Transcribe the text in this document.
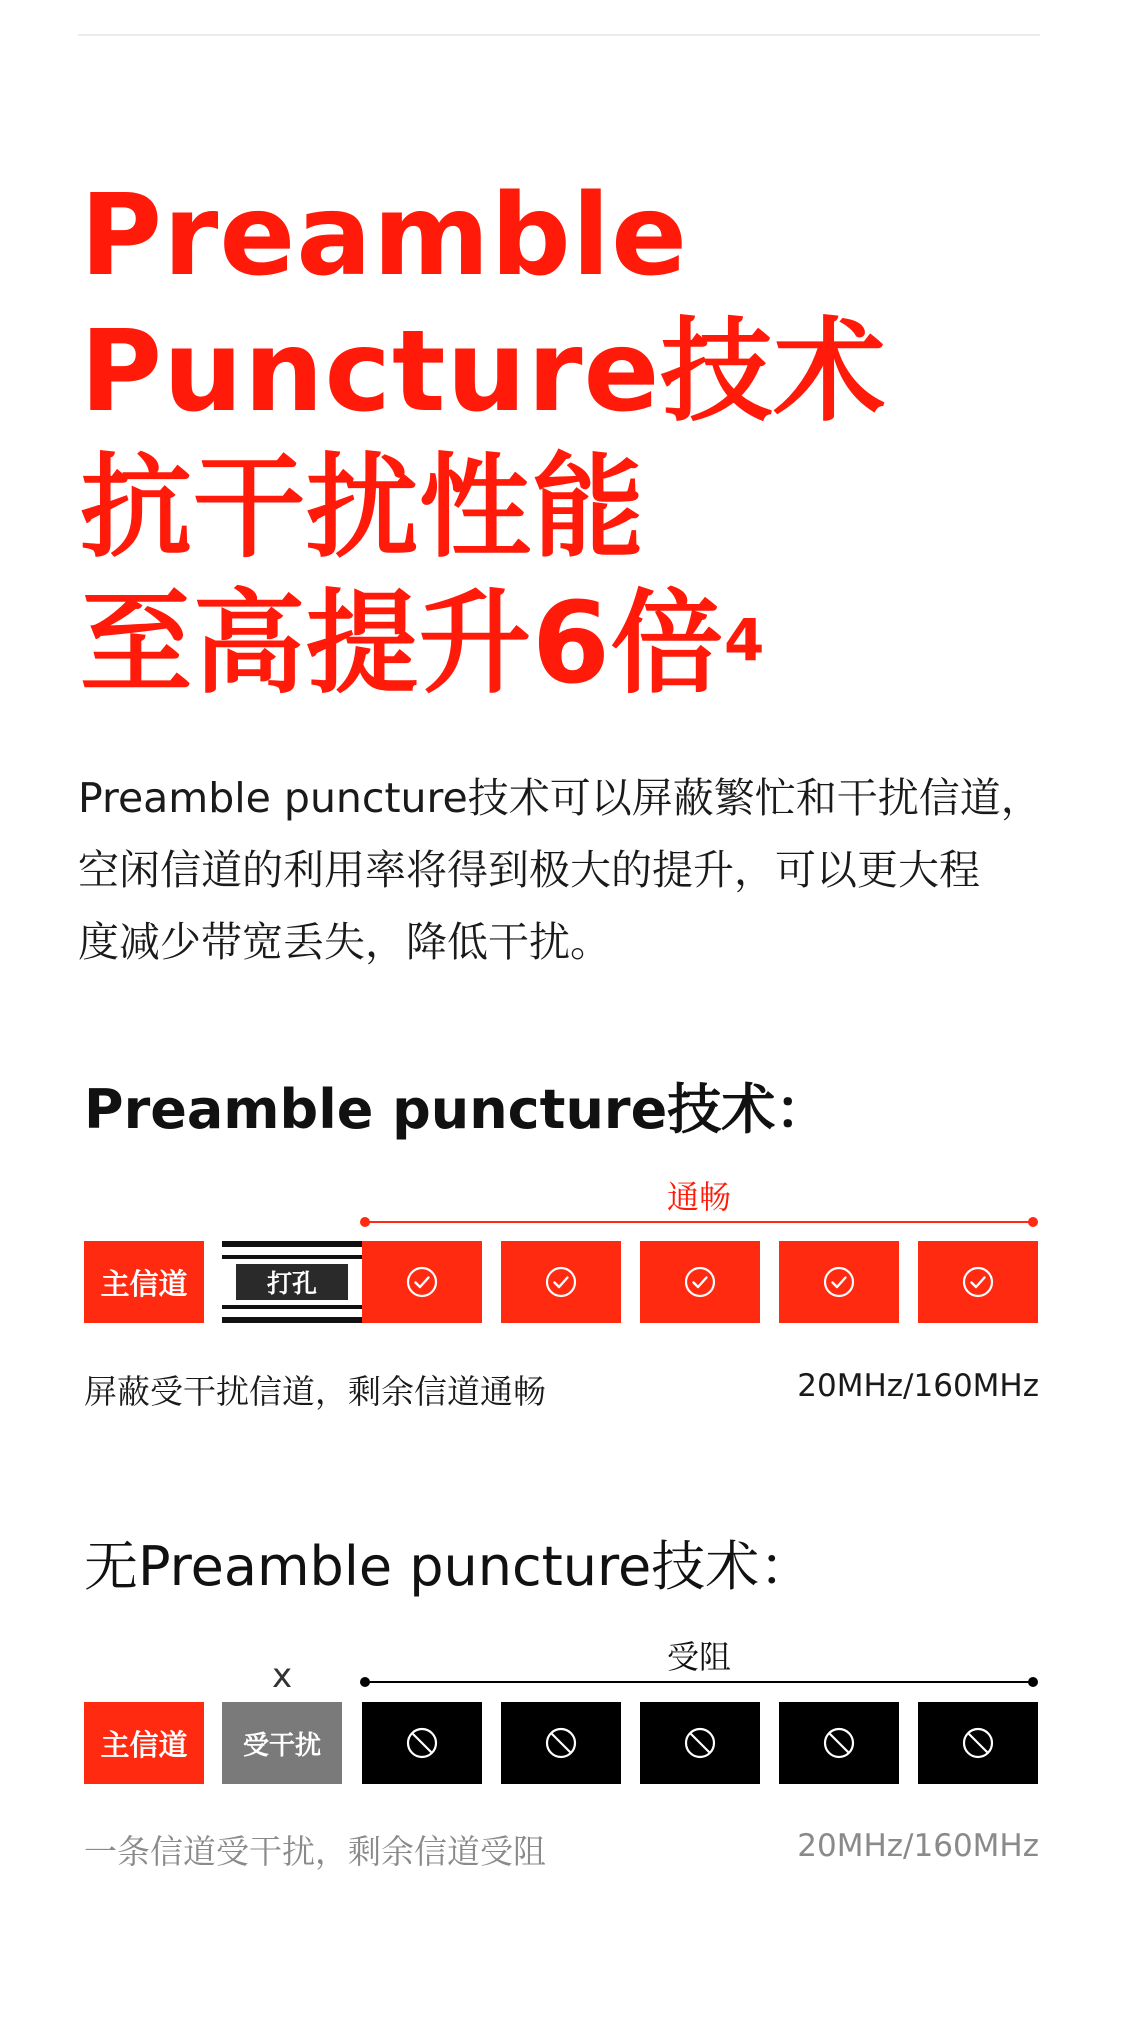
Preamble
Puncture技术
抗干扰性能
至高提升6倍$^4$

Preamble puncture技术可以屏蔽繁忙和干扰信道，
空闲信道的利用率将得到极大的提升，可以更大程
度减少带宽丢失，降低干扰。

Preamble puncture技术：
通畅
主信道	打孔
屏蔽受干扰信道，剩余信道通畅	20MHz/160MHz
无Preamble puncture技术：
受阻
x
主信道 受干扰
一条信道受干扰，剩余信道受阻	20MHz/160MHz
